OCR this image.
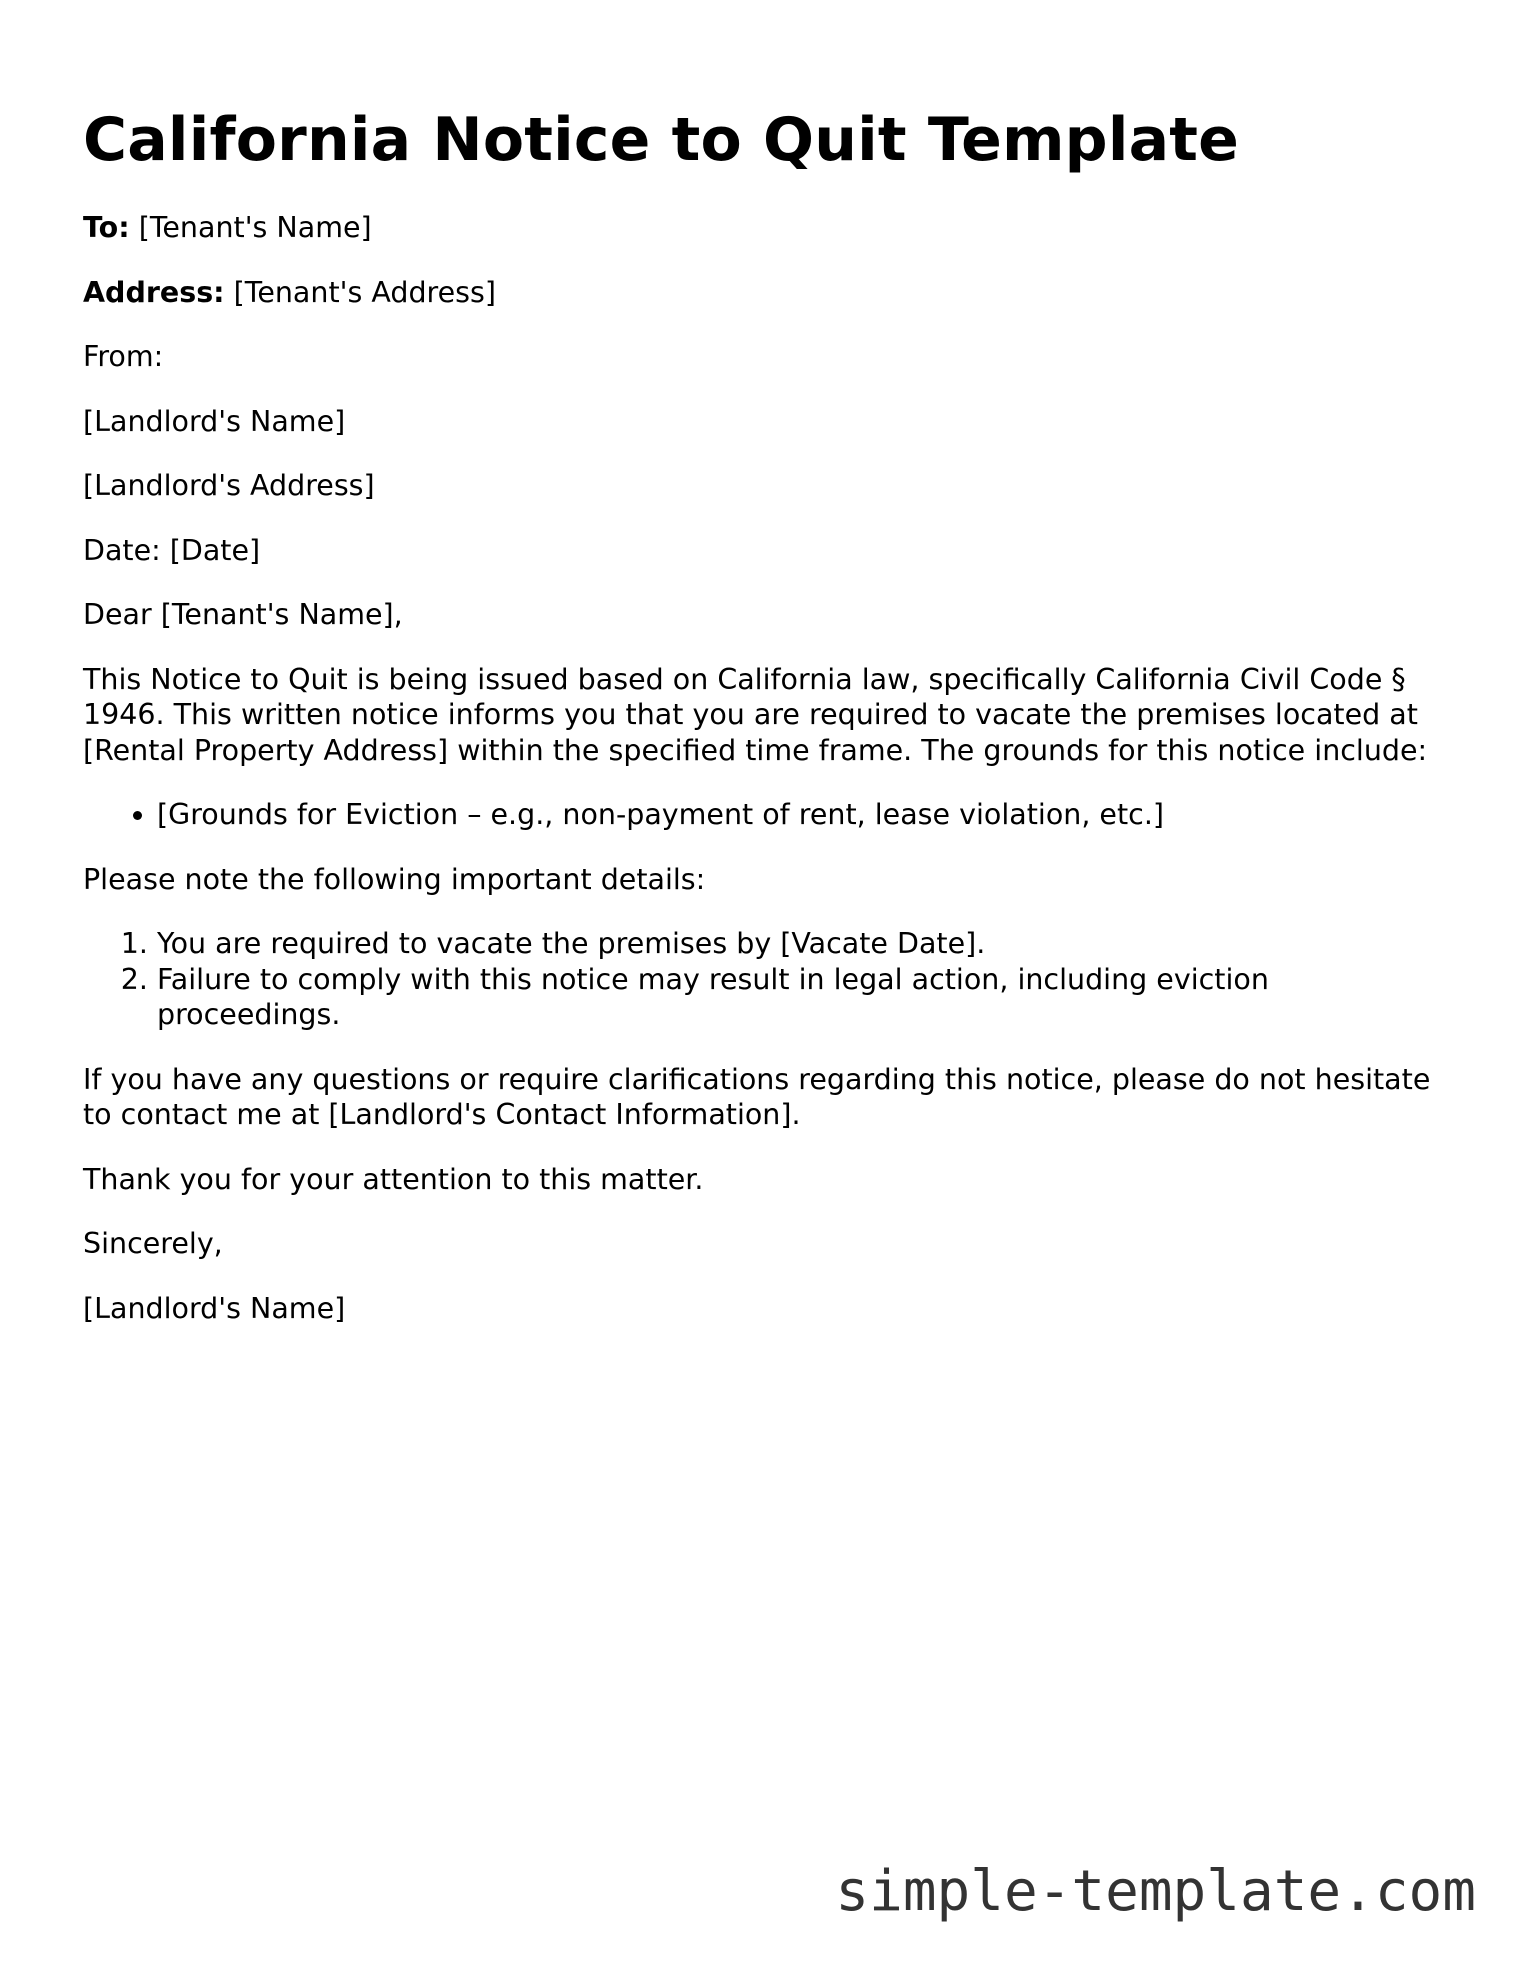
California Notice to Quit Template

To: [Tenant's Name]

Address: [Tenant's Address]

From:

[Landlord's Name]

[Landlord's Address]

Date: [Date]

Dear [Tenant's Name],

This Notice to Quit is being issued based on California law, specifically California Civil Code § 1946. This written notice informs you that you are required to vacate the premises located at [Rental Property Address] within the specified time frame. The grounds for this notice include:

• [Grounds for Eviction – e.g., non-payment of rent, lease violation, etc.]

Please note the following important details:

1. You are required to vacate the premises by [Vacate Date].
2. Failure to comply with this notice may result in legal action, including eviction proceedings.

If you have any questions or require clarifications regarding this notice, please do not hesitate to contact me at [Landlord's Contact Information].

Thank you for your attention to this matter.

Sincerely,

[Landlord's Name]

simple-template.com
